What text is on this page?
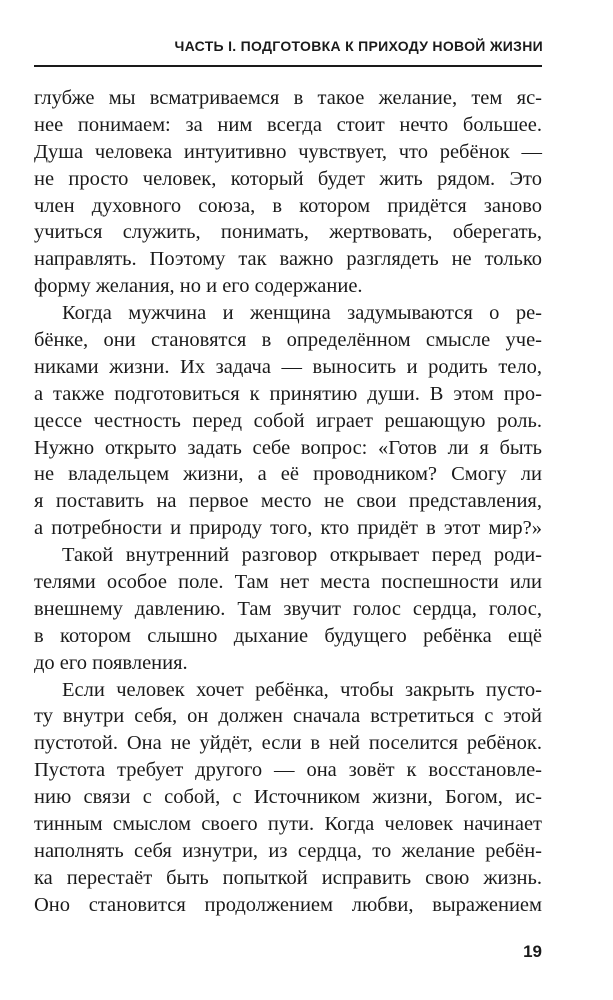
ЧАСТЬ I. ПОДГОТОВКА К ПРИХОДУ НОВОЙ ЖИЗНИ
глубже мы всматриваемся в такое желание, тем яс-
нее понимаем: за ним всегда стоит нечто большее.
Душа человека интуитивно чувствует, что ребёнок —
не просто человек, который будет жить рядом. Это
член духовного союза, в котором придётся заново
учиться служить, понимать, жертвовать, оберегать,
направлять. Поэтому так важно разглядеть не только
форму желания, но и его содержание.
Когда мужчина и женщина задумываются о ре-
бёнке, они становятся в определённом смысле уче-
никами жизни. Их задача — выносить и родить тело,
а также подготовиться к принятию души. В этом про-
цессе честность перед собой играет решающую роль.
Нужно открыто задать себе вопрос: «Готов ли я быть
не владельцем жизни, а её проводником? Смогу ли
я поставить на первое место не свои представления,
а потребности и природу того, кто придёт в этот мир?»
Такой внутренний разговор открывает перед роди-
телями особое поле. Там нет места поспешности или
внешнему давлению. Там звучит голос сердца, голос,
в котором слышно дыхание будущего ребёнка ещё
до его появления.
Если человек хочет ребёнка, чтобы закрыть пусто-
ту внутри себя, он должен сначала встретиться с этой
пустотой. Она не уйдёт, если в ней поселится ребёнок.
Пустота требует другого — она зовёт к восстановле-
нию связи с собой, с Источником жизни, Богом, ис-
тинным смыслом своего пути. Когда человек начинает
наполнять себя изнутри, из сердца, то желание ребён-
ка перестаёт быть попыткой исправить свою жизнь.
Оно становится продолжением любви, выражением
19
